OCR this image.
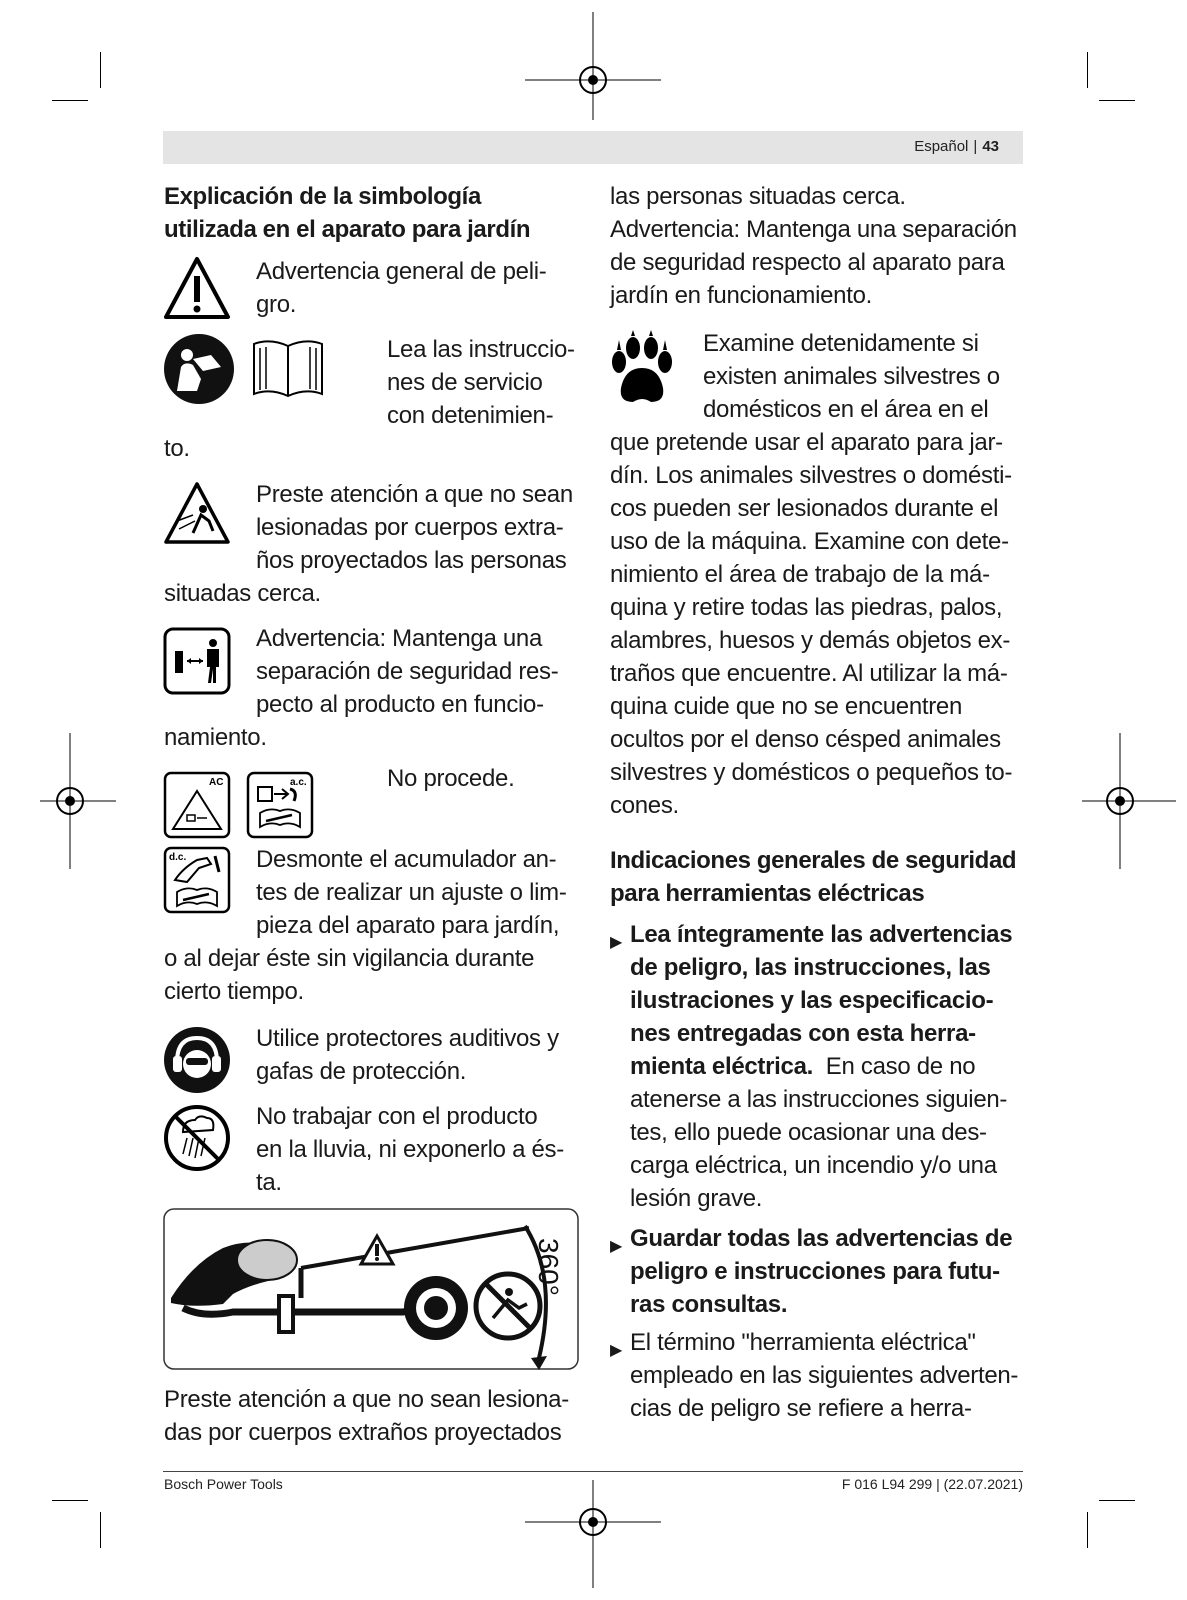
Español | 43
Explicación de la simbología
utilizada en el aparato para jardín
Advertencia general de peli-
gro.
Lea las instruccio-
nes de servicio
con detenimien-
to.
Preste atención a que no sean
lesionadas por cuerpos extra-
ños proyectados las personas
situadas cerca.
Advertencia: Mantenga una
separación de seguridad res-
pecto al producto en funcio-
namiento.
AC	a.c.	No procede.
d.c.	Desmonte el acumulador an-
tes de realizar un ajuste o lim-
pieza del aparato para jardín,
o al dejar éste sin vigilancia durante
cierto tiempo.
Utilice protectores auditivos y
gafas de protección.
No trabajar con el producto
en la lluvia, ni exponerlo a és-
ta.
360°
Preste atención a que no sean lesiona-
das por cuerpos extraños proyectados
las personas situadas cerca.
Advertencia: Mantenga una separación
de seguridad respecto al aparato para
jardín en funcionamiento.
Examine detenidamente si
existen animales silvestres o
domésticos en el área en el
que pretende usar el aparato para jar-
dín. Los animales silvestres o domésti-
cos pueden ser lesionados durante el
uso de la máquina. Examine con dete-
nimiento el área de trabajo de la má-
quina y retire todas las piedras, palos,
alambres, huesos y demás objetos ex-
traños que encuentre. Al utilizar la má-
quina cuide que no se encuentren
ocultos por el denso césped animales
silvestres y domésticos o pequeños to-
cones.
Indicaciones generales de seguridad
para herramientas eléctricas
▶ Lea íntegramente las advertencias
de peligro, las instrucciones, las
ilustraciones y las especificacio-
nes entregadas con esta herra-
mienta eléctrica. En caso de no
atenerse a las instrucciones siguien-
tes, ello puede ocasionar una des-
carga eléctrica, un incendio y/o una
lesión grave.
▶ Guardar todas las advertencias de
peligro e instrucciones para futu-
ras consultas.
▶ El término "herramienta eléctrica"
empleado en las siguientes adverten-
cias de peligro se refiere a herra-
Bosch Power Tools	F 016 L94 299 | (22.07.2021)
